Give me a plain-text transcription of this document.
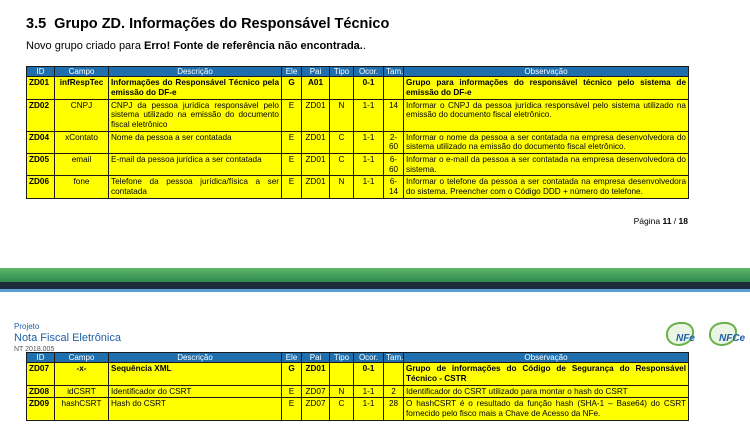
3.5 Grupo ZD. Informações do Responsável Técnico
Novo grupo criado para Erro! Fonte de referência não encontrada..
ID	Campo	Descrição	Ele	Pai	Tipo	Ocor.	Tam.	Observação
ZD01	infRespTec	Informações do Responsável Técnico pela emissão do DF-e	G	A01		0-1		Grupo para informações do responsável técnico pelo sistema de emissão do DF-e
ZD02	CNPJ	CNPJ da pessoa jurídica responsável pelo sistema utilizado na emissão do documento fiscal eletrônico	E	ZD01	N	1-1	14	Informar o CNPJ da pessoa jurídica responsável pelo sistema utilizado na emissão do documento fiscal eletrônico.
ZD04	xContato	Nome da pessoa a ser contatada	E	ZD01	C	1-1	2-60	Informar o nome da pessoa a ser contatada na empresa desenvolvedora do sistema utilizado na emissão do documento fiscal eletrônico.
ZD05	email	E-mail da pessoa jurídica a ser contatada	E	ZD01	C	1-1	6-60	Informar o e-mail da pessoa a ser contatada na empresa desenvolvedora do sistema.
ZD06	fone	Telefone da pessoa jurídica/física a ser contatada	E	ZD01	N	1-1	6-14	Informar o telefone da pessoa a ser contatada na empresa desenvolvedora do sistema. Preencher com o Código DDD + número do telefone.
Página 11 / 18
Projeto
Nota Fiscal Eletrônica
NT 2018.005
NFe NFCe
ID	Campo	Descrição	Ele	Pai	Tipo	Ocor.	Tam.	Observação
ZD07	-x-	Sequência XML	G	ZD01		0-1		Grupo de informações do Código de Segurança do Responsável Técnico - CSTR
ZD08	idCSRT	Identificador do CSRT	E	ZD07	N	1-1	2	Identificador do CSRT utilizado para montar o hash do CSRT
ZD09	hashCSRT	Hash do CSRT	E	ZD07	C	1-1	28	O hashCSRT é o resultado da função hash (SHA-1 – Base64) do CSRT fornecido pelo fisco mais a Chave de Acesso da NFe.
